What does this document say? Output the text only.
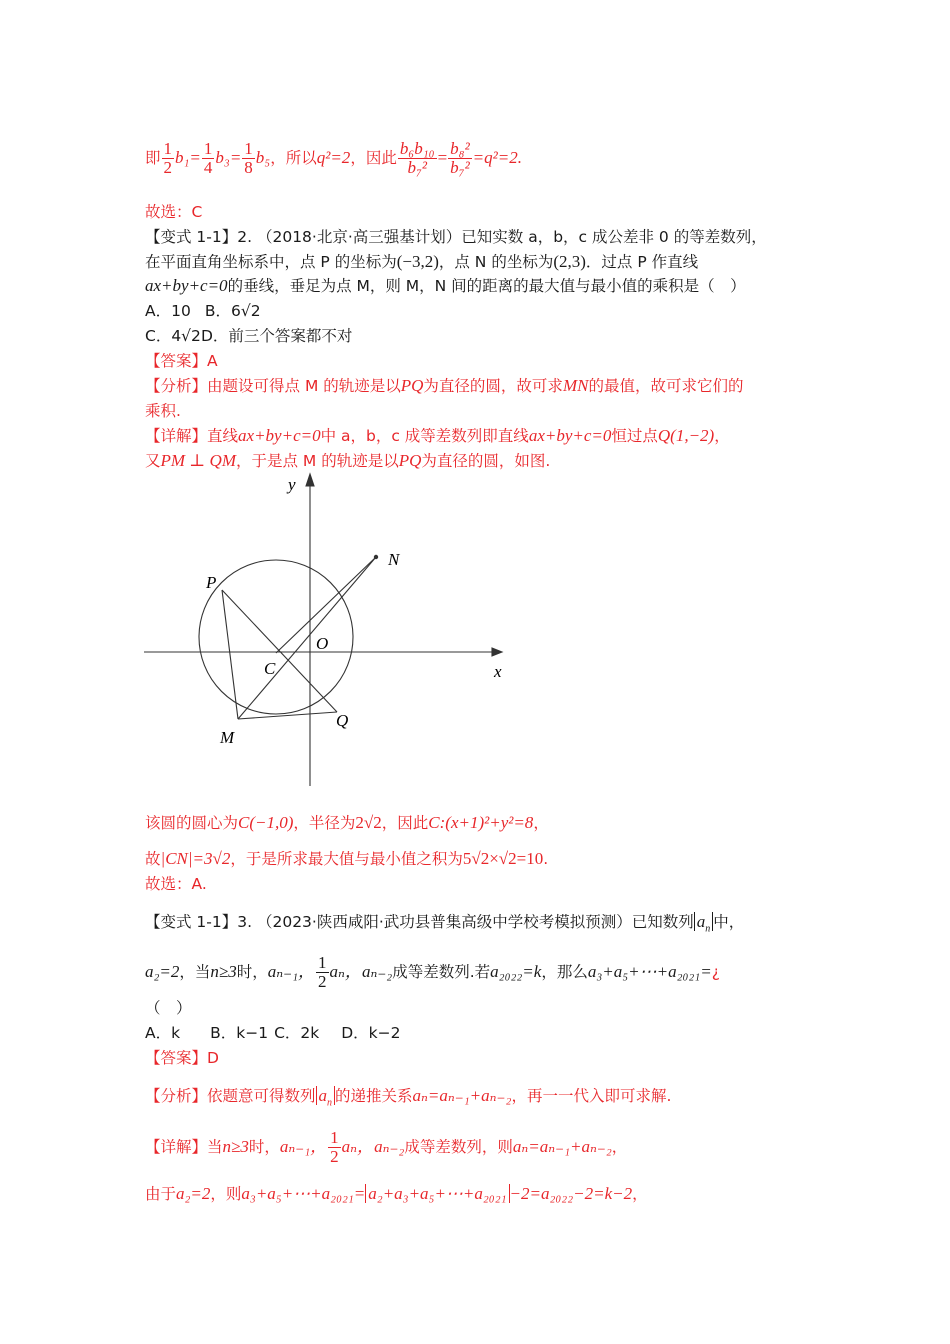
即 $\frac{1}{2} b_1= \frac{1}{4} b_3= \frac{1}{8} b_5$，所以q²=2，因此 $\frac{\text{b₆b₁₀}}{\text{b₇²}} = \frac{\text{b₈²}}{\text{b₇²}} =q^2=2$.
故选：C
【变式 1-1】2. （2018·北京·高三强基计划）已知实数 a，b，c 成公差非 0 的等差数列，
在平面直角坐标系中，点 P 的坐标为(−3,2)，点 N 的坐标为(2,3)．过点 P 作直线
ax+by+c=0的垂线，垂足为点 M，则 M，N 间的距离的最大值与最小值的乘积是（　）
A．10 B．6√2
C．4√2D．前三个答案都不对
【答案】A
【分析】由题设可得点 M 的轨迹是以PQ为直径的圆，故可求MN的最值，故可求它们的
乘积.
【详解】直线ax+by+c=0中 a，b，c 成等差数列即直线ax+by+c=0恒过点Q(1,−2)，
又PM ⊥ QM，于是点 M 的轨迹是以PQ为直径的圆，如图.
y
x
P
N
O
C
M
Q
该圆的圆心为C(−1,0)，半径为2√2，因此C:(x+1)²+y²=8，
故|CN|=3√2，于是所求最大值与最小值之积为5√2×√2=10.
故选：A.
【变式 1-1】3. （2023·陕西咸阳·武功县普集高级中学校考模拟预测）已知数列 $a_n$ 中，
a₂=2，当n≥3时，aₙ₋₁， $\frac{1}{2}$ aₙ，aₙ₋₂成等差数列.若a₂₀₂₂=k，那么a₃+a₅+⋯+a₂₀₂₁=¿
（　）
A．k B．k−1 C．2k D．k−2
【答案】D
【分析】依题意可得数列 $a_n$ 的递推关系aₙ=aₙ₋₁+aₙ₋₂，再一一代入即可求解.
【详解】当n≥3时，aₙ₋₁， $\frac{1}{2}$ aₙ，aₙ₋₂成等差数列，则aₙ=aₙ₋₁+aₙ₋₂，
由于a₂=2，则a₃+a₅+⋯+a₂₀₂₁= a₂+a₃+a₅+⋯+a₂₀₂₁ −2=a₂₀₂₂−2=k−2，
